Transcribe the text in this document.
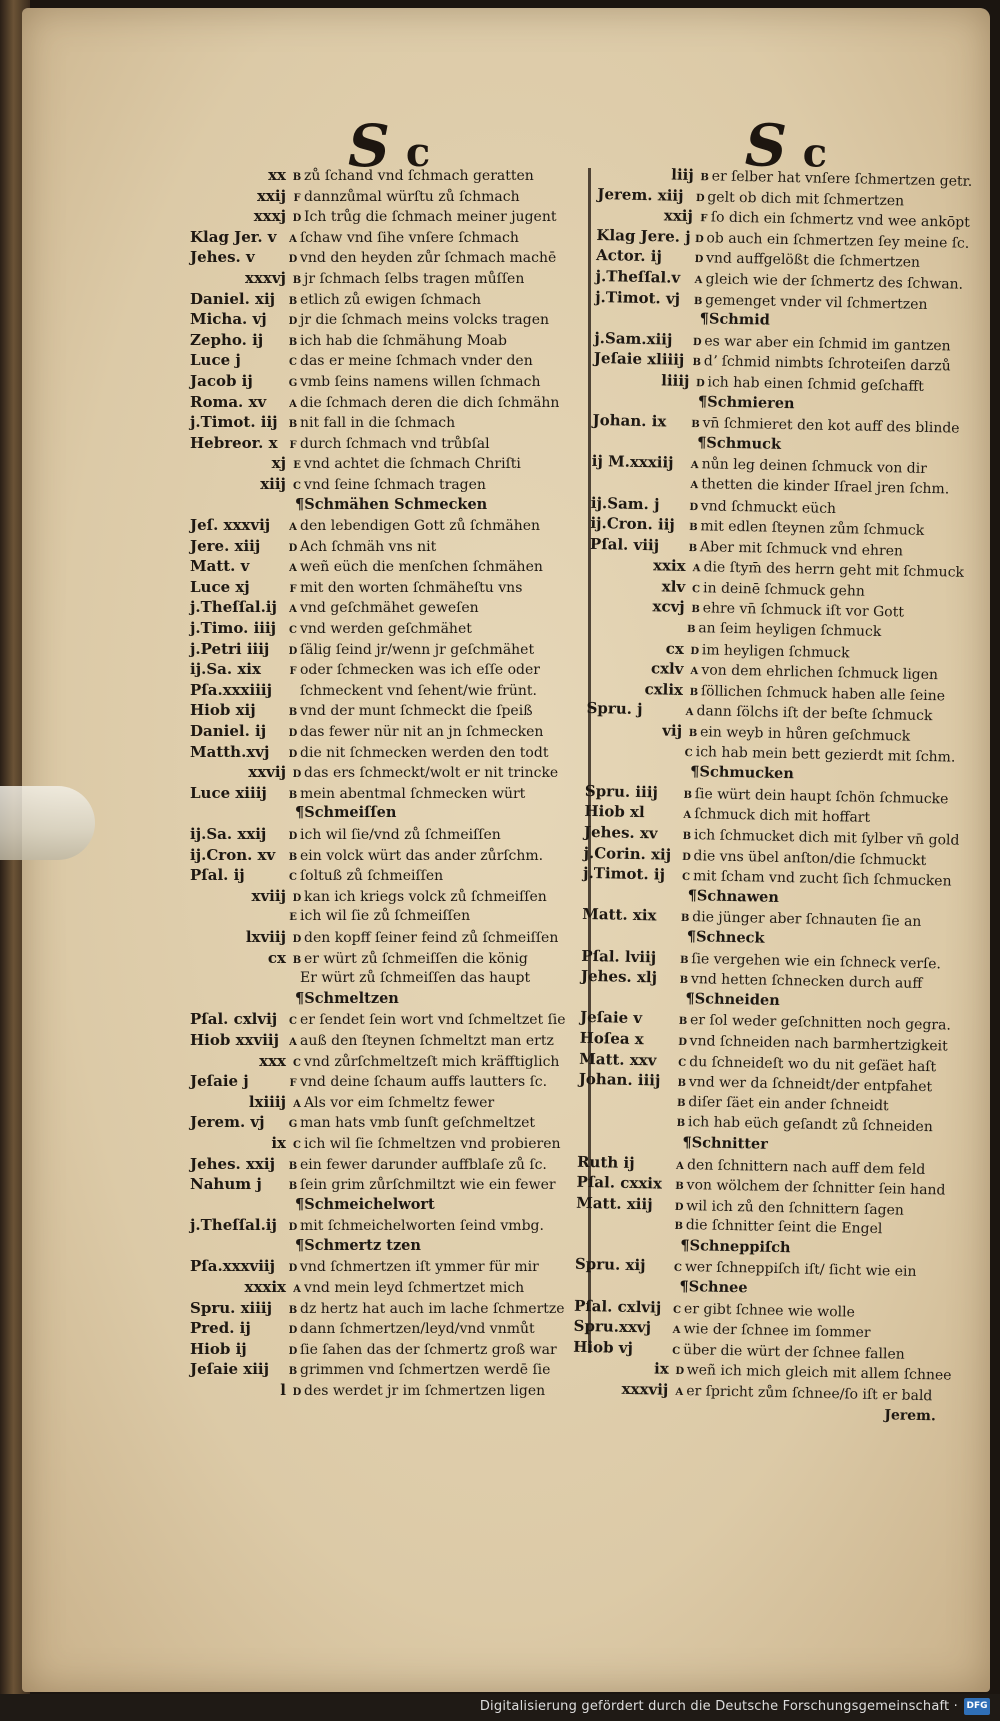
S c	S c
xx B zů ſchand vnd ſchmach geratten
xxij F dannzůmal würſtu zů ſchmach
xxxj D Ich trůg die ſchmach meiner jugent
Klag Jer. v A ſchaw vnd ſihe vnſere ſchmach
Jehes. v	D vnd den heyden zůr ſchmach machē
xxxvj B jr ſchmach ſelbs tragen můſſen
Daniel. xij B etlich zů ewigen ſchmach
Micha. vj D jr die ſchmach meins volcks tragen
Zepho. ij	B ich hab die ſchmähung Moab
Luce j	C das er meine ſchmach vnder den
Jacob ij	G vmb ſeins namens willen ſchmach
Roma. xv A die ſchmach deren die dich ſchmähn
j.Timot. iij B nit fall in die ſchmach
Hebreor. x F durch ſchmach vnd trůbſal
xj E vnd achtet die ſchmach Chriſti
xiij C vnd ſeine ſchmach tragen
¶Schmähen Schmecken
Jeſ. xxxvij A den lebendigen Gott zů ſchmähen
Jere. xiij	D Ach ſchmäh vns nit
Matt. v	A weñ eüch die menſchen ſchmähen
Luce xj	F mit den worten ſchmäheſtu vns
j.Theſſal.ij A vnd geſchmähet geweſen
j.Timo. iiij C vnd werden geſchmähet
j.Petri iiij D ſälig ſeind jr/wenn jr geſchmähet
ij.Sa. xix	F oder ſchmecken was ich eſſe oder
Pſa.xxxiiij ſchmeckent vnd ſehent/wie frünt.
Hiob xij	B vnd der munt ſchmeckt die ſpeiß
Daniel. ij D das fewer nür nit an jn ſchmecken
Matth.xvj D die nit ſchmecken werden den todt
xxvij D das ers ſchmeckt/wolt er nit trincke
Luce xiiij B mein abentmal ſchmecken würt
¶Schmeiſſen
ij.Sa. xxij D ich wil ſie/vnd zů ſchmeiſſen
ij.Cron. xv B ein volck würt das ander zůrſchm.
Pſal. ij	C ſoltuß zů ſchmeiſſen
xviij D kan ich kriegs volck zů ſchmeiſſen
E ich wil ſie zů ſchmeiſſen
lxviij D den kopff ſeiner feind zů ſchmeiſſen
cx B er würt zů ſchmeiſſen die könig
Er würt zů ſchmeiſſen das haupt
¶Schmeltzen
Pſal. cxlvij C er ſendet ſein wort vnd ſchmeltzet ſie
Hiob xxviij A auß den ſteynen ſchmeltzt man ertz
xxx C vnd zůrſchmeltzeſt mich kräfftiglich
Jeſaie j	F vnd deine ſchaum auffs lautters ſc.
lxiiij A Als vor eim ſchmeltz fewer
Jerem. vj G man hats vmb ſunſt geſchmeltzet
ix C ich wil ſie ſchmeltzen vnd probieren
Jehes. xxij B ein fewer darunder auffblaſe zů ſc.
Nahum j	B ſein grim zůrſchmiltzt wie ein fewer
¶Schmeichelwort
j.Theſſal.ij D mit ſchmeichelworten ſeind vmbg.
¶Schmertz tzen
Pſa.xxxviij D vnd ſchmertzen iſt ymmer für mir
xxxix A vnd mein leyd ſchmertzet mich
Spru. xiiij B dz hertz hat auch im lache ſchmertze
Pred. ij	D dann ſchmertzen/leyd/vnd vnmůt
Hiob ij	D ſie ſahen das der ſchmertz groß war
Jeſaie xiij B grimmen vnd ſchmertzen werdē ſie
l D des werdet jr im ſchmertzen ligen
liij B er ſelber hat vnſere ſchmertzen getr.
Jerem. xiij D gelt ob dich mit ſchmertzen
xxij F ſo dich ein ſchmertz vnd wee ankōpt
Klag Jere. j D ob auch ein ſchmertzen ſey meine ſc.
Actor. ij	D vnd auffgelößt die ſchmertzen
j.Theſſal.v A gleich wie der ſchmertz des ſchwan.
j.Timot. vj B gemenget vnder vil ſchmertzen
¶Schmid
j.Sam.xiij D es war aber ein ſchmid im gantzen
Jeſaie xliiij B dʼ ſchmid nimbts ſchroteiſen darzů
liiij D ich hab einen ſchmid geſchafft
¶Schmieren
Johan. ix B vn̄ ſchmieret den kot auff des blinde
¶Schmuck
ij M.xxxiij A nůn leg deinen ſchmuck von dir
A thetten die kinder Iſrael jren ſchm.
ij.Sam. j	D vnd ſchmuckt eüch
ij.Cron. iij B mit edlen ſteynen zům ſchmuck
Pſal. viij	B Aber mit ſchmuck vnd ehren
xxix A die ſtym̄ des herrn geht mit ſchmuck
xlv C in deinē ſchmuck gehn
xcvj B ehre vn̄ ſchmuck iſt vor Gott
B an ſeim heyligen ſchmuck
cx D im heyligen ſchmuck
cxlv A von dem ehrlichen ſchmuck ligen
cxlix B ſöllichen ſchmuck haben alle ſeine
Spru. j	A dann ſölchs iſt der beſte ſchmuck
vij B ein weyb in hůren geſchmuck
C ich hab mein bett gezierdt mit ſchm.
¶Schmucken
Spru. iiij	B ſie würt dein haupt ſchön ſchmucke
Hiob xl	A ſchmuck dich mit hoffart
Jehes. xv B ich ſchmucket dich mit ſylber vn̄ gold
j.Corin. xij D die vns übel anſton/die ſchmuckt
j.Timot. ij C mit ſcham vnd zucht ſich ſchmucken
¶Schnawen
Matt. xix B die jünger aber ſchnauten ſie an
¶Schneck
Pſal. lviij B ſie vergehen wie ein ſchneck verſe.
Jehes. xlj B vnd hetten ſchnecken durch auff
¶Schneiden
Jeſaie v	B er ſol weder geſchnitten noch gegra.
Hoſea x	D vnd ſchneiden nach barmhertzigkeit
Matt. xxv C du ſchneideſt wo du nit geſäet haſt
Johan. iiij B vnd wer da ſchneidt/der entpfahet
B diſer ſäet ein ander ſchneidt
B ich hab eüch geſandt zů ſchneiden
¶Schnitter
Ruth ij	A den ſchnittern nach auff dem feld
Pſal. cxxix B von wölchem der ſchnitter ſein hand
Matt. xiij D wil ich zů den ſchnittern ſagen
B die ſchnitter ſeint die Engel
¶Schneppiſch
Spru. xij	C wer ſchneppiſch iſt/ ſicht wie ein
¶Schnee
Pſal. cxlvij C er gibt ſchnee wie wolle
Spru.xxvj A wie der ſchnee im ſommer
Hiob vj	C über die würt der ſchnee fallen
ix D weñ ich mich gleich mit allem ſchnee
xxxvij A er ſpricht zům ſchnee/ſo iſt er bald
Jerem.
Digitalisierung gefördert durch die Deutsche Forschungsgemeinschaft · DFG
